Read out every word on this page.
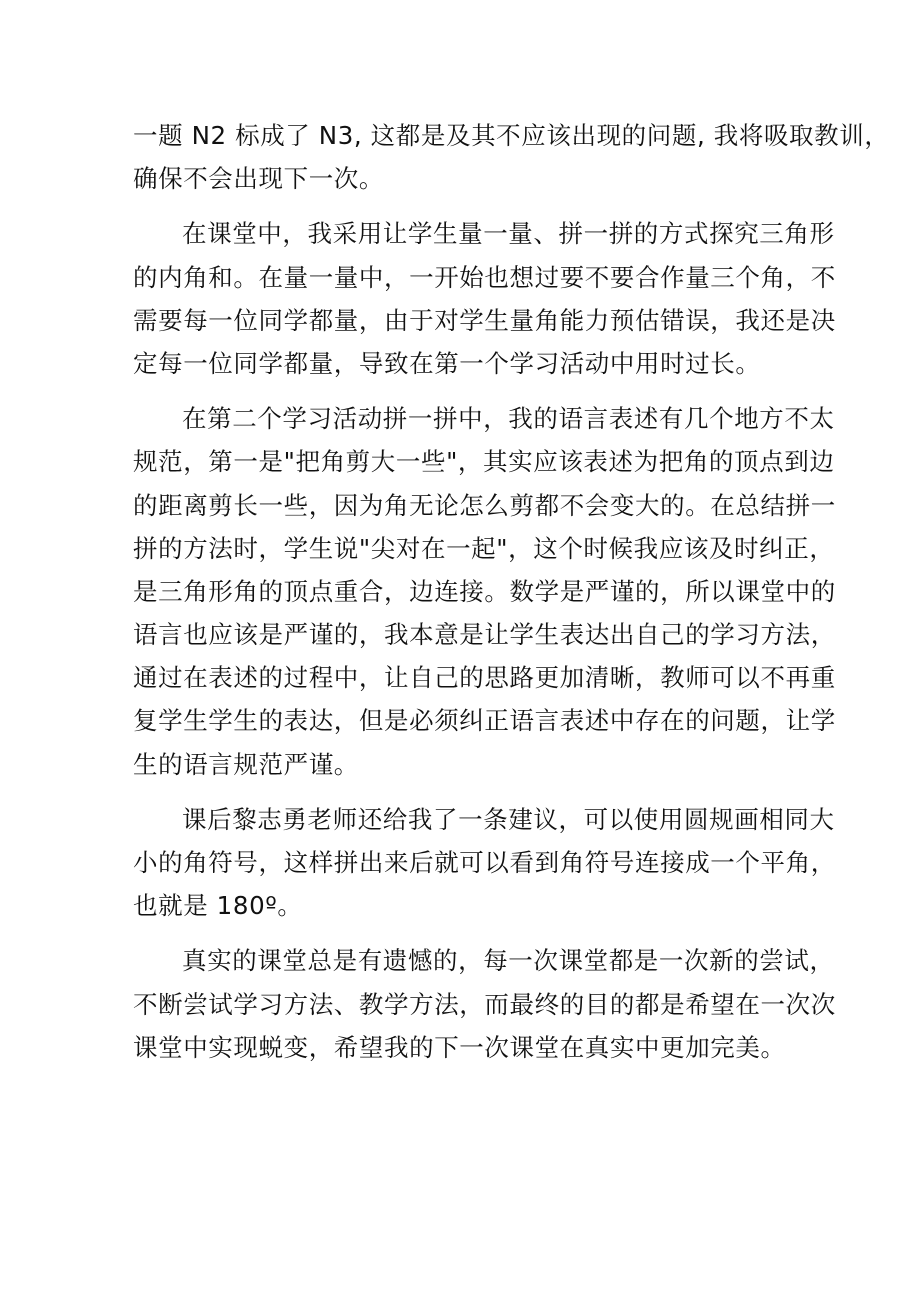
一题 N2 标成了 N3, 这都是及其不应该出现的问题, 我将吸取教训，
确保不会出现下一次。

在课堂中，我采用让学生量一量、拼一拼的方式探究三角形
的内角和。在量一量中，一开始也想过要不要合作量三个角，不
需要每一位同学都量，由于对学生量角能力预估错误，我还是决
定每一位同学都量，导致在第一个学习活动中用时过长。

在第二个学习活动拼一拼中，我的语言表述有几个地方不太
规范，第一是"把角剪大一些"，其实应该表述为把角的顶点到边
的距离剪长一些，因为角无论怎么剪都不会变大的。在总结拼一
拼的方法时，学生说"尖对在一起"，这个时候我应该及时纠正，
是三角形角的顶点重合，边连接。数学是严谨的，所以课堂中的
语言也应该是严谨的，我本意是让学生表达出自己的学习方法，
通过在表述的过程中，让自己的思路更加清晰，教师可以不再重
复学生学生的表达，但是必须纠正语言表述中存在的问题，让学
生的语言规范严谨。

课后黎志勇老师还给我了一条建议，可以使用圆规画相同大
小的角符号，这样拼出来后就可以看到角符号连接成一个平角，
也就是 180º。

真实的课堂总是有遗憾的，每一次课堂都是一次新的尝试，
不断尝试学习方法、教学方法，而最终的目的都是希望在一次次
课堂中实现蜕变，希望我的下一次课堂在真实中更加完美。
